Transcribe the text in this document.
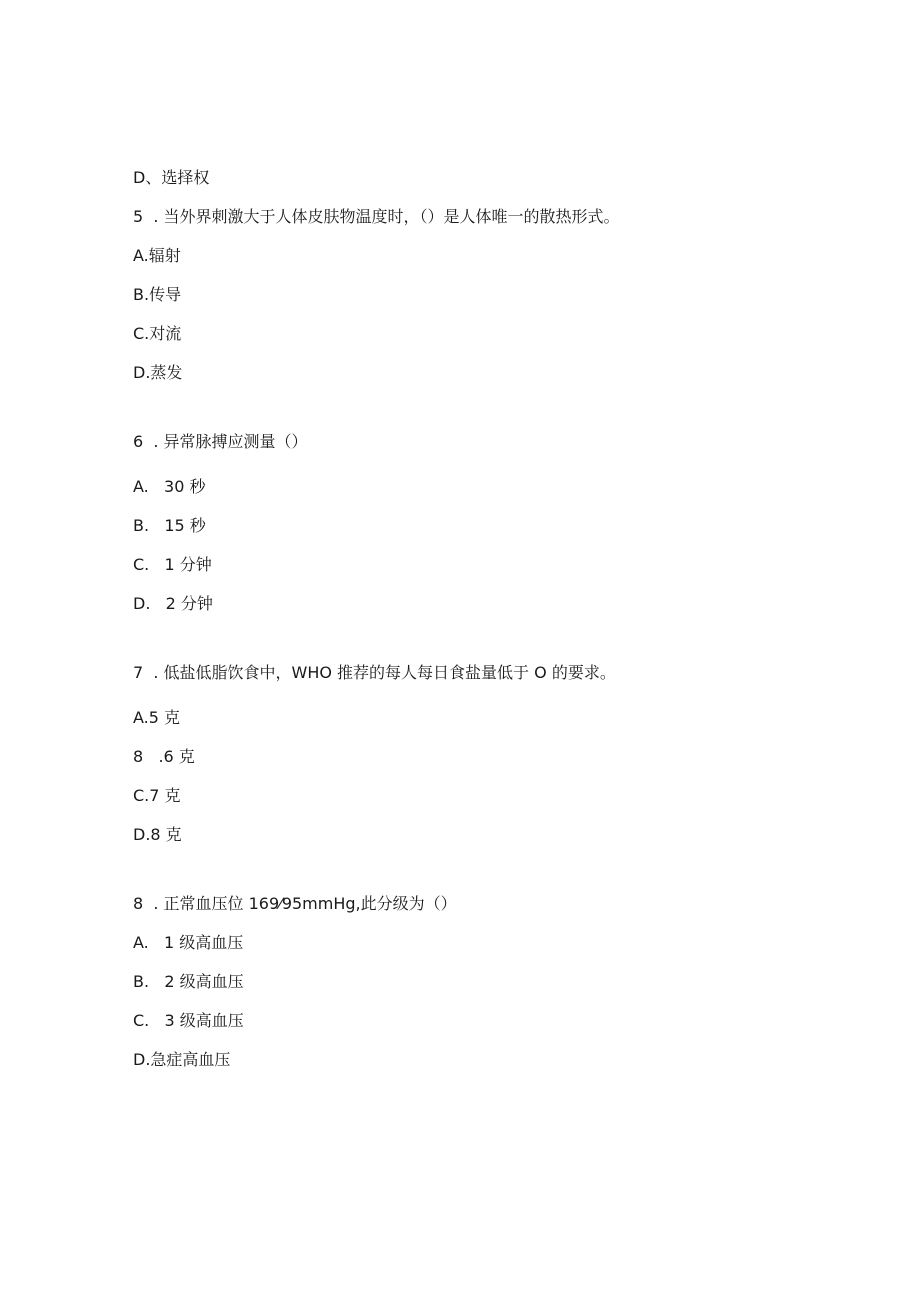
D、选择权

5  . 当外界刺激大于人体皮肤物温度时，（）是人体唯一的散热形式。

A.辐射

B.传导

C.对流

D.蒸发

6  . 异常脉搏应测量（）

A.   30 秒

B.   15 秒

C.   1 分钟

D.   2 分钟

7  . 低盐低脂饮食中，WHO 推荐的每人每日食盐量低于 O 的要求。

A.5 克

8   .6 克

C.7 克

D.8 克

8  . 正常血压位 169⁄95mmHg,此分级为（）

A.   1 级高血压

B.   2 级高血压

C.   3 级高血压

D.急症高血压
